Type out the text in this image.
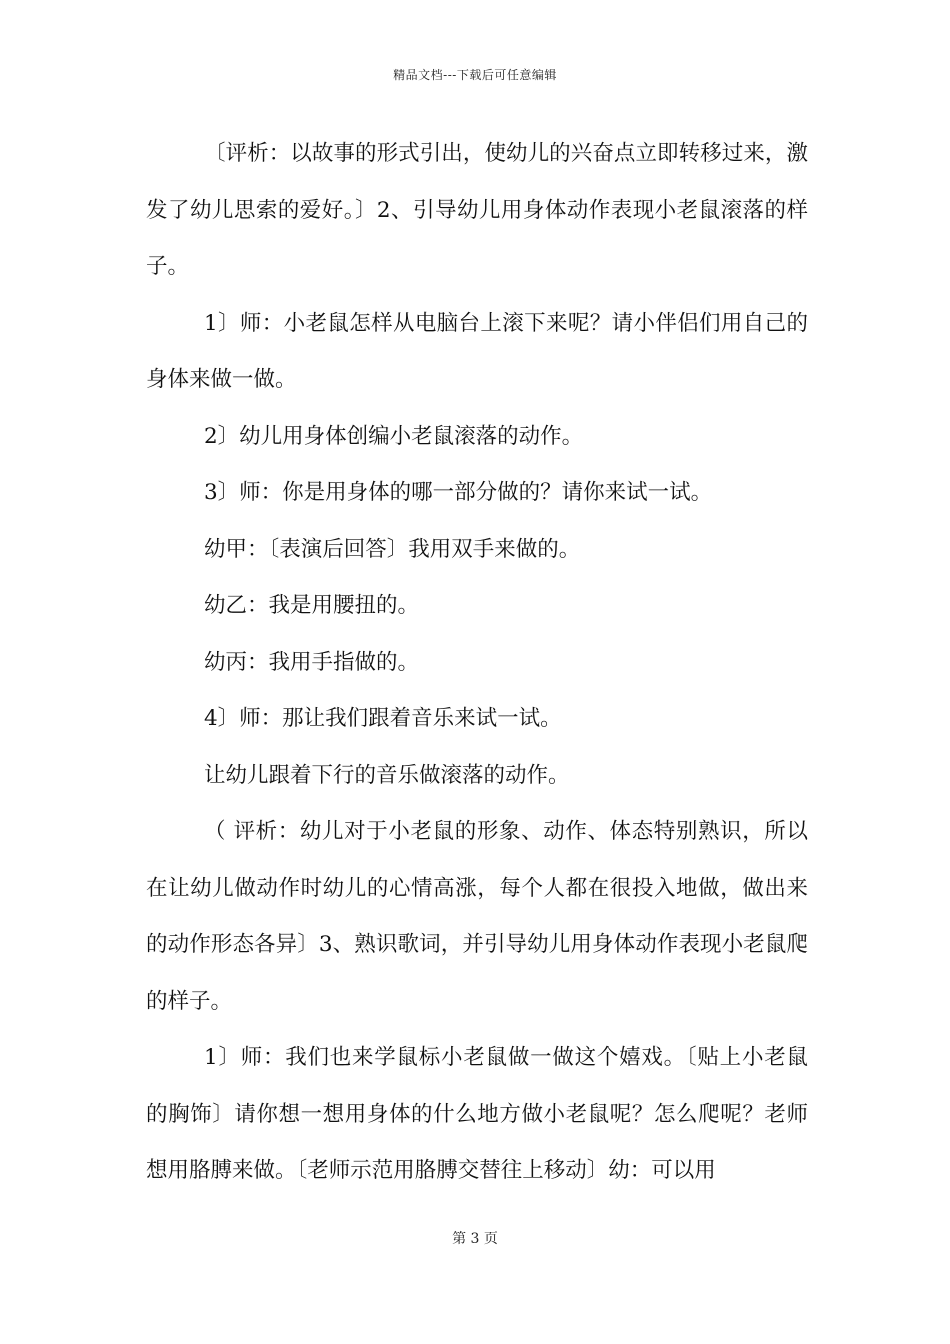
精品文档---下载后可任意编辑

〔评析：以故事的形式引出，使幼儿的兴奋点立即转移过来，激发了幼儿思索的爱好。〕2、引导幼儿用身体动作表现小老鼠滚落的样子。

1〕师：小老鼠怎样从电脑台上滚下来呢？请小伴侣们用自己的身体来做一做。

2〕幼儿用身体创编小老鼠滚落的动作。

3〕师：你是用身体的哪一部分做的？请你来试一试。

幼甲：〔表演后回答〕我用双手来做的。

幼乙：我是用腰扭的。

幼丙：我用手指做的。

4〕师：那让我们跟着音乐来试一试。

让幼儿跟着下行的音乐做滚落的动作。

（ 评析：幼儿对于小老鼠的形象、动作、体态特别熟识，所以在让幼儿做动作时幼儿的心情高涨，每个人都在很投入地做，做出来的动作形态各异〕3、熟识歌词，并引导幼儿用身体动作表现小老鼠爬的样子。

1〕师：我们也来学鼠标小老鼠做一做这个嬉戏。〔贴上小老鼠的胸饰〕请你想一想用身体的什么地方做小老鼠呢？怎么爬呢？老师想用胳膊来做。〔老师示范用胳膊交替往上移动〕幼：可以用

第 3 页
